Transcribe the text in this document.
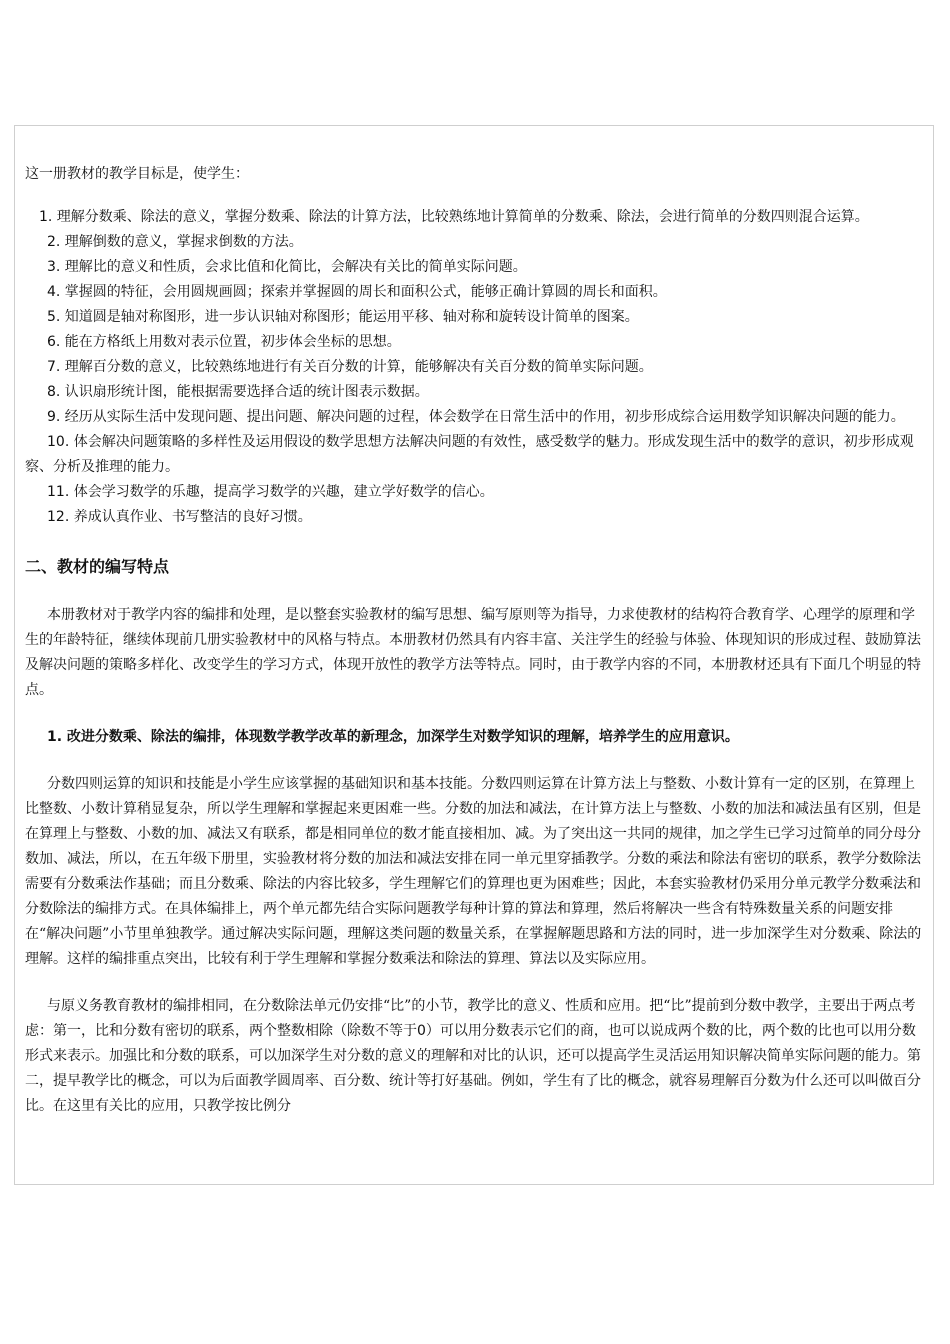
这一册教材的教学目标是，使学生：

1. 理解分数乘、除法的意义，掌握分数乘、除法的计算方法，比较熟练地计算简单的分数乘、除法，会进行简单的分数四则混合运算。

2. 理解倒数的意义，掌握求倒数的方法。

3. 理解比的意义和性质，会求比值和化简比，会解决有关比的简单实际问题。

4. 掌握圆的特征，会用圆规画圆；探索并掌握圆的周长和面积公式，能够正确计算圆的周长和面积。

5. 知道圆是轴对称图形，进一步认识轴对称图形；能运用平移、轴对称和旋转设计简单的图案。

6. 能在方格纸上用数对表示位置，初步体会坐标的思想。

7. 理解百分数的意义，比较熟练地进行有关百分数的计算，能够解决有关百分数的简单实际问题。

8. 认识扇形统计图，能根据需要选择合适的统计图表示数据。

9. 经历从实际生活中发现问题、提出问题、解决问题的过程，体会数学在日常生活中的作用，初步形成综合运用数学知识解决问题的能力。

10. 体会解决问题策略的多样性及运用假设的数学思想方法解决问题的有效性，感受数学的魅力。形成发现生活中的数学的意识，初步形成观察、分析及推理的能力。

11. 体会学习数学的乐趣，提高学习数学的兴趣，建立学好数学的信心。

12. 养成认真作业、书写整洁的良好习惯。

二、教材的编写特点

本册教材对于教学内容的编排和处理，是以整套实验教材的编写思想、编写原则等为指导，力求使教材的结构符合教育学、心理学的原理和学生的年龄特征，继续体现前几册实验教材中的风格与特点。本册教材仍然具有内容丰富、关注学生的经验与体验、体现知识的形成过程、鼓励算法及解决问题的策略多样化、改变学生的学习方式，体现开放性的教学方法等特点。同时，由于教学内容的不同，本册教材还具有下面几个明显的特点。

1. 改进分数乘、除法的编排，体现数学教学改革的新理念，加深学生对数学知识的理解，培养学生的应用意识。

分数四则运算的知识和技能是小学生应该掌握的基础知识和基本技能。分数四则运算在计算方法上与整数、小数计算有一定的区别，在算理上比整数、小数计算稍显复杂，所以学生理解和掌握起来更困难一些。分数的加法和减法，在计算方法上与整数、小数的加法和减法虽有区别，但是在算理上与整数、小数的加、减法又有联系，都是相同单位的数才能直接相加、减。为了突出这一共同的规律，加之学生已学习过简单的同分母分数加、减法，所以，在五年级下册里，实验教材将分数的加法和减法安排在同一单元里穿插教学。分数的乘法和除法有密切的联系，教学分数除法需要有分数乘法作基础；而且分数乘、除法的内容比较多，学生理解它们的算理也更为困难些；因此，本套实验教材仍采用分单元教学分数乘法和分数除法的编排方式。在具体编排上，两个单元都先结合实际问题教学每种计算的算法和算理，然后将解决一些含有特殊数量关系的问题安排在“解决问题”小节里单独教学。通过解决实际问题，理解这类问题的数量关系，在掌握解题思路和方法的同时，进一步加深学生对分数乘、除法的理解。这样的编排重点突出，比较有利于学生理解和掌握分数乘法和除法的算理、算法以及实际应用。

与原义务教育教材的编排相同，在分数除法单元仍安排“比”的小节，教学比的意义、性质和应用。把“比”提前到分数中教学，主要出于两点考虑：第一，比和分数有密切的联系，两个整数相除（除数不等于0）可以用分数表示它们的商，也可以说成两个数的比，两个数的比也可以用分数形式来表示。加强比和分数的联系，可以加深学生对分数的意义的理解和对比的认识，还可以提高学生灵活运用知识解决简单实际问题的能力。第二，提早教学比的概念，可以为后面教学圆周率、百分数、统计等打好基础。例如，学生有了比的概念，就容易理解百分数为什么还可以叫做百分比。在这里有关比的应用，只教学按比例分
